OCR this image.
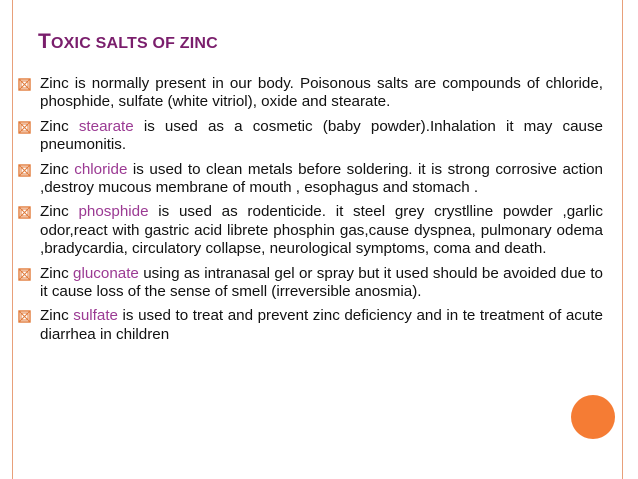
TOXIC SALTS OF ZINC
Zinc is normally present in our body. Poisonous salts are compounds of chloride, phosphide, sulfate (white vitriol), oxide and stearate.
Zinc stearate is used as a cosmetic (baby powder).Inhalation it may cause pneumonitis.
Zinc chloride is used to clean metals before soldering. it is strong corrosive action ,destroy mucous membrane of mouth , esophagus and stomach .
Zinc phosphide is used as rodenticide. it steel grey crystlline powder ,garlic odor,react with gastric acid librete phosphin gas,cause dyspnea, pulmonary odema ,bradycardia, circulatory collapse, neurological symptoms, coma and death.
Zinc gluconate using as intranasal gel or spray but it used should be avoided due to it cause loss of the sense of smell (irreversible anosmia).
Zinc sulfate is used to treat and prevent zinc deficiency and in te treatment of acute diarrhea in children
